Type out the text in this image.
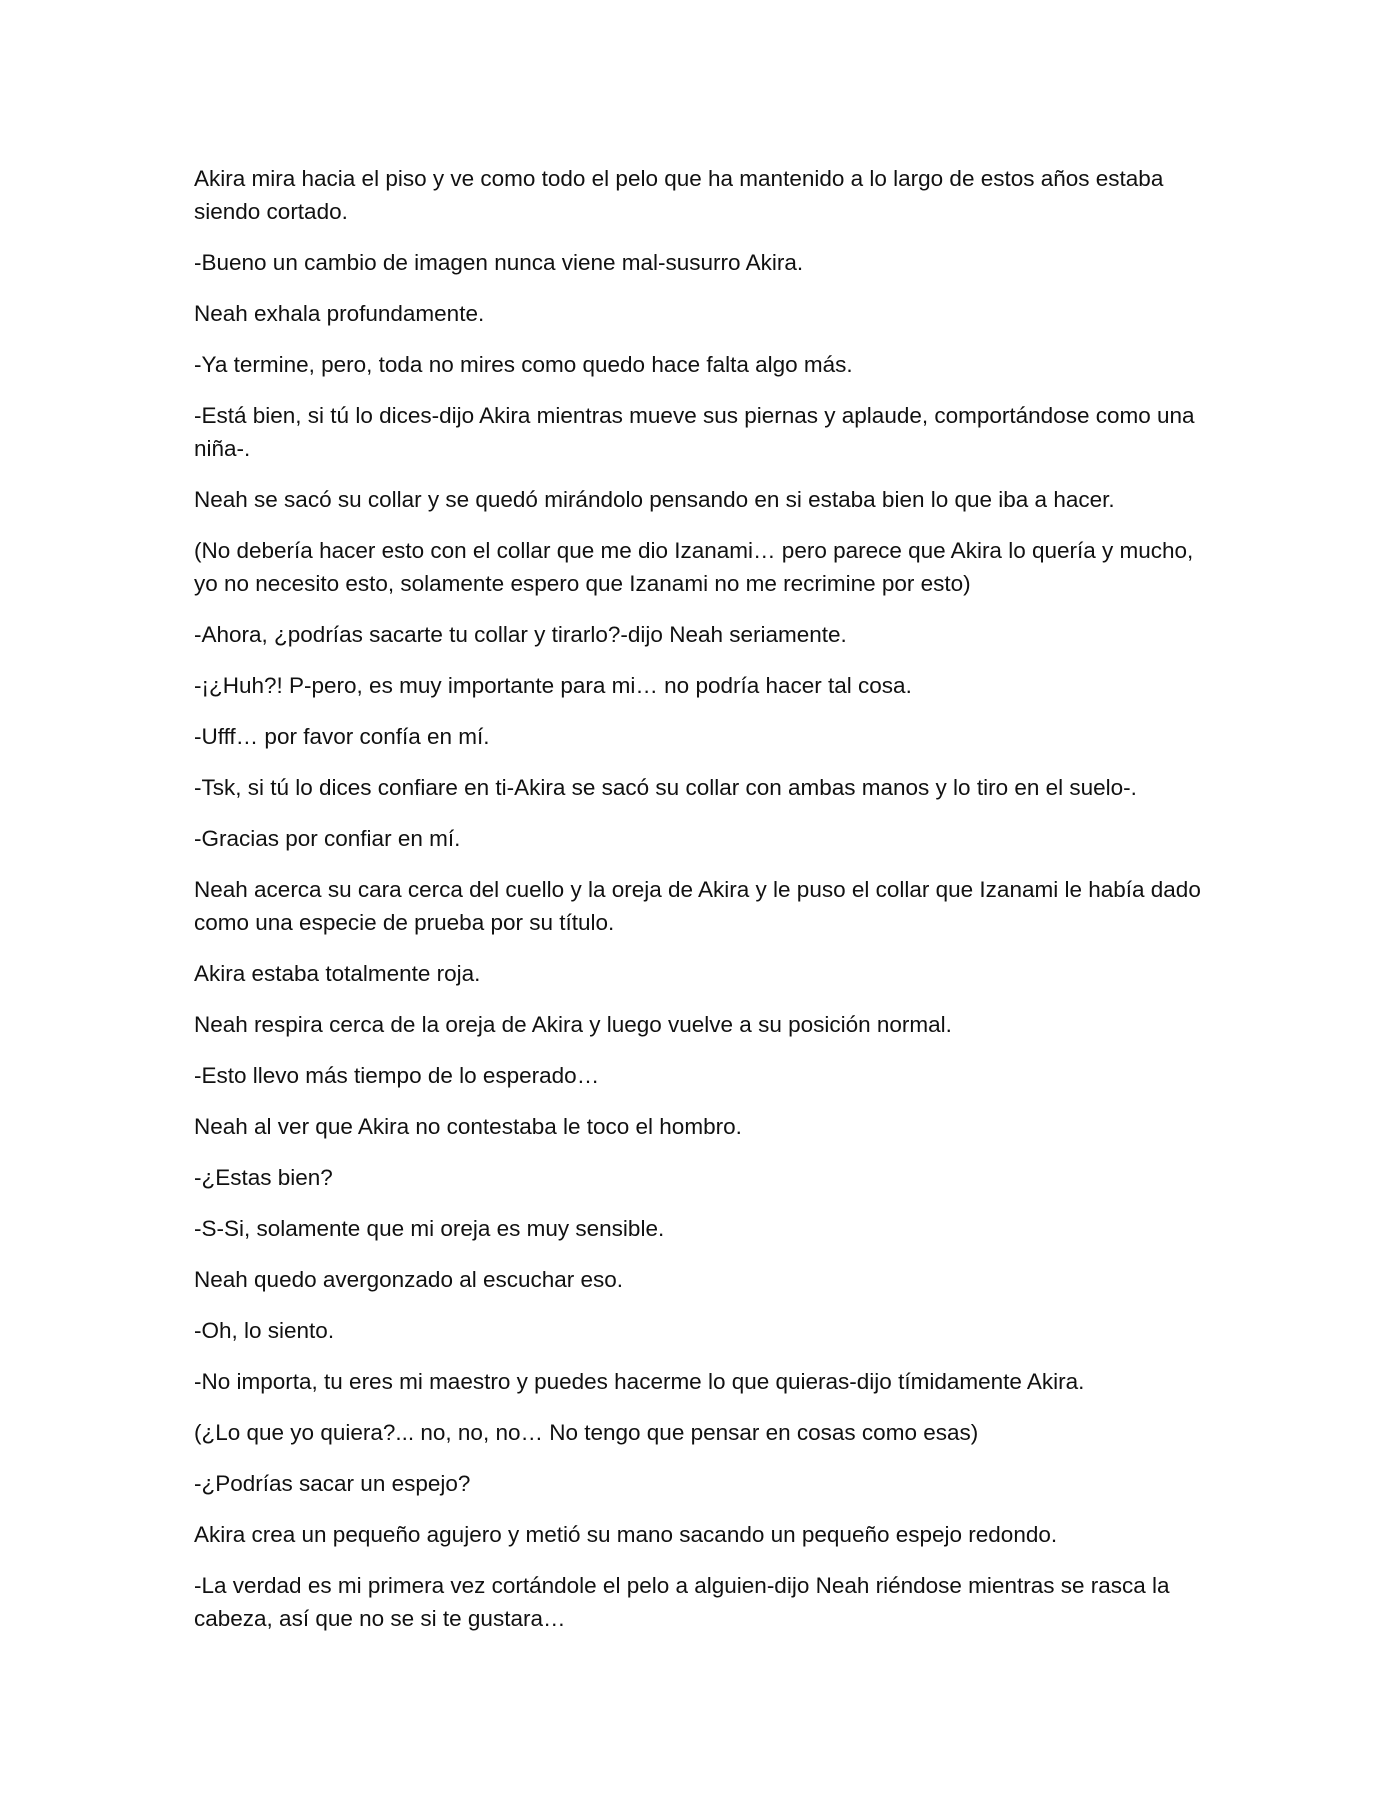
Akira mira hacia el piso y ve como todo el pelo que ha mantenido a lo largo de estos años estaba siendo cortado.

-Bueno un cambio de imagen nunca viene mal-susurro Akira.

Neah exhala profundamente.

-Ya termine, pero, toda no mires como quedo hace falta algo más.

-Está bien, si tú lo dices-dijo Akira mientras mueve sus piernas y aplaude, comportándose como una niña-.

Neah se sacó su collar y se quedó mirándolo pensando en si estaba bien lo que iba a hacer.

(No debería hacer esto con el collar que me dio Izanami… pero parece que Akira lo quería y mucho, yo no necesito esto, solamente espero que Izanami no me recrimine por esto)

-Ahora, ¿podrías sacarte tu collar y tirarlo?-dijo Neah seriamente.

-¡¿Huh?! P-pero, es muy importante para mi… no podría hacer tal cosa.

-Ufff… por favor confía en mí.

-Tsk, si tú lo dices confiare en ti-Akira se sacó su collar con ambas manos y lo tiro en el suelo-.

-Gracias por confiar en mí.

Neah acerca su cara cerca del cuello y la oreja de Akira y le puso el collar que Izanami le había dado como una especie de prueba por su título.

Akira estaba totalmente roja.

Neah respira cerca de la oreja de Akira y luego vuelve a su posición normal.

-Esto llevo más tiempo de lo esperado…

Neah al ver que Akira no contestaba le toco el hombro.

-¿Estas bien?

-S-Si, solamente que mi oreja es muy sensible.

Neah quedo avergonzado al escuchar eso.

-Oh, lo siento.

-No importa, tu eres mi maestro y puedes hacerme lo que quieras-dijo tímidamente Akira.

(¿Lo que yo quiera?... no, no, no… No tengo que pensar en cosas como esas)

-¿Podrías sacar un espejo?

Akira crea un pequeño agujero y metió su mano sacando un pequeño espejo redondo.

-La verdad es mi primera vez cortándole el pelo a alguien-dijo Neah riéndose mientras se rasca la cabeza, así que no se si te gustara…
